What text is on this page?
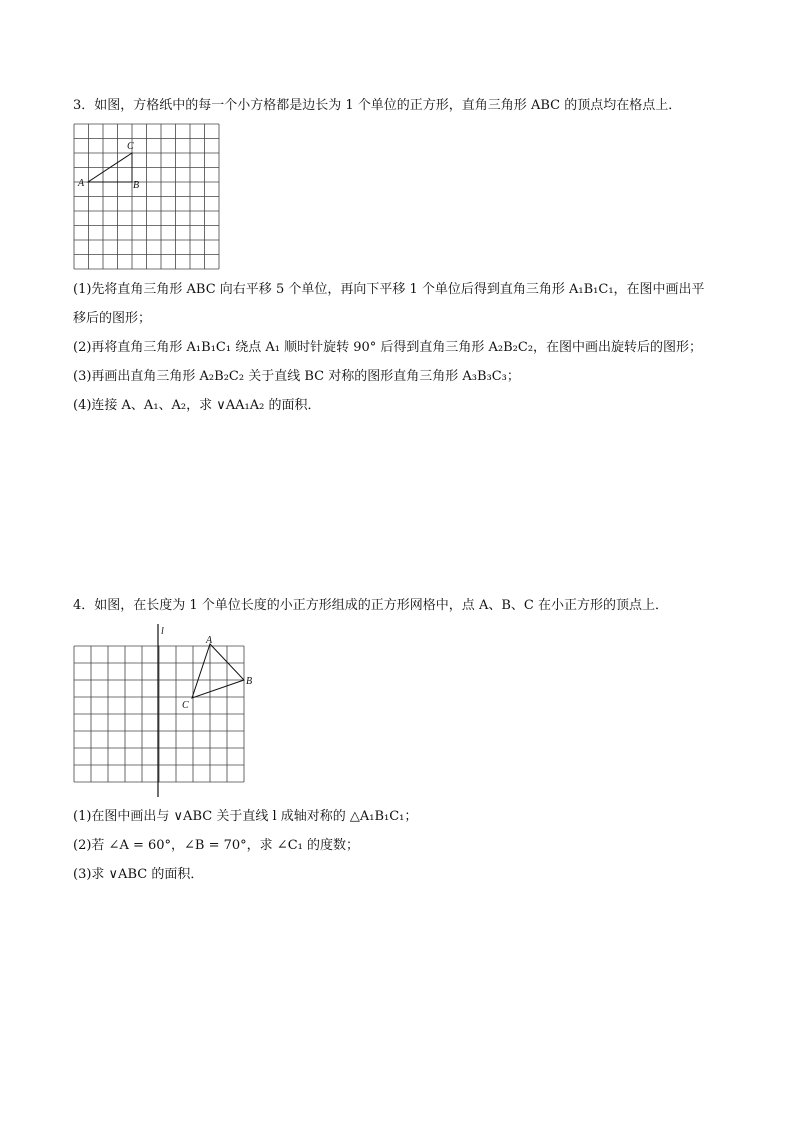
3．如图，方格纸中的每一个小方格都是边长为 1 个单位的正方形，直角三角形 ABC 的顶点均在格点上．
C
A	B
(1)先将直角三角形 ABC 向右平移 5 个单位，再向下平移 1 个单位后得到直角三角形 A₁B₁C₁，在图中画出平
移后的图形；
(2)再将直角三角形 A₁B₁C₁ 绕点 A₁ 顺时针旋转 90° 后得到直角三角形 A₂B₂C₂，在图中画出旋转后的图形；
(3)再画出直角三角形 A₂B₂C₂ 关于直线 BC 对称的图形直角三角形 A₃B₃C₃；
(4)连接 A、A₁、A₂，求 ∨AA₁A₂ 的面积．
4．如图，在长度为 1 个单位长度的小正方形组成的正方形网格中，点 A、B、C 在小正方形的顶点上．
l
A
B
C
(1)在图中画出与 ∨ABC 关于直线 l 成轴对称的 △A₁B₁C₁；
(2)若 ∠A = 60°，∠B = 70°，求 ∠C₁ 的度数；
(3)求 ∨ABC 的面积．
